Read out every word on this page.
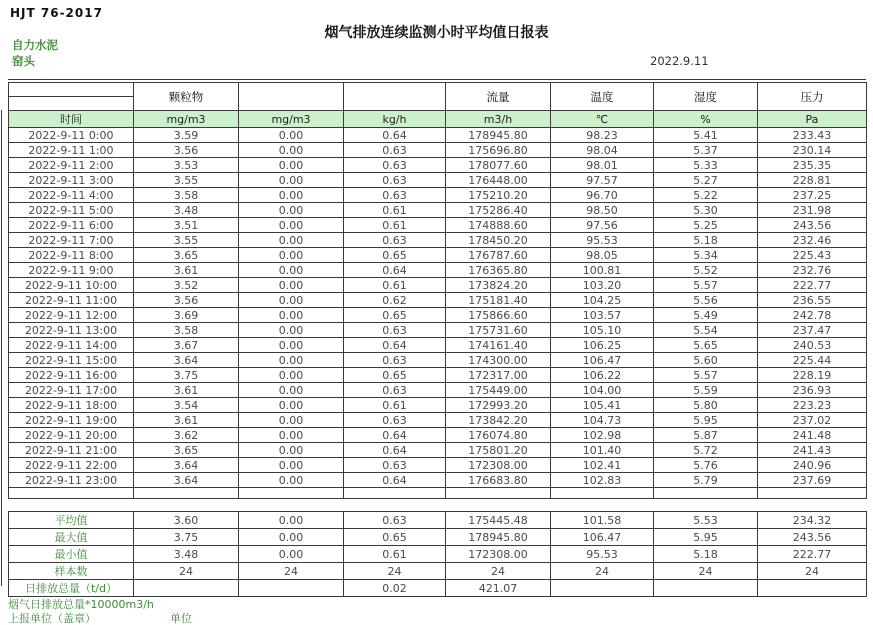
HJT 76-2017
烟气排放连续监测小时平均值日报表
自力水泥
窑头	2022.9.11
	颗粒物			流量	温度	湿度	压力

时间	mg/m3	mg/m3	kg/h	m3/h	℃	%	Pa
2022-9-11 0:00	3.59	0.00	0.64	178945.80	98.23	5.41	233.43
2022-9-11 1:00	3.56	0.00	0.63	175696.80	98.04	5.37	230.14
2022-9-11 2:00	3.53	0.00	0.63	178077.60	98.01	5.33	235.35
2022-9-11 3:00	3.55	0.00	0.63	176448.00	97.57	5.27	228.81
2022-9-11 4:00	3.58	0.00	0.63	175210.20	96.70	5.22	237.25
2022-9-11 5:00	3.48	0.00	0.61	175286.40	98.50	5.30	231.98
2022-9-11 6:00	3.51	0.00	0.61	174888.60	97.56	5.25	243.56
2022-9-11 7:00	3.55	0.00	0.63	178450.20	95.53	5.18	232.46
2022-9-11 8:00	3.65	0.00	0.65	176787.60	98.05	5.34	225.43
2022-9-11 9:00	3.61	0.00	0.64	176365.80	100.81	5.52	232.76
2022-9-11 10:00	3.52	0.00	0.61	173824.20	103.20	5.57	222.77
2022-9-11 11:00	3.56	0.00	0.62	175181.40	104.25	5.56	236.55
2022-9-11 12:00	3.69	0.00	0.65	175866.60	103.57	5.49	242.78
2022-9-11 13:00	3.58	0.00	0.63	175731.60	105.10	5.54	237.47
2022-9-11 14:00	3.67	0.00	0.64	174161.40	106.25	5.65	240.53
2022-9-11 15:00	3.64	0.00	0.63	174300.00	106.47	5.60	225.44
2022-9-11 16:00	3.75	0.00	0.65	172317.00	106.22	5.57	228.19
2022-9-11 17:00	3.61	0.00	0.63	175449.00	104.00	5.59	236.93
2022-9-11 18:00	3.54	0.00	0.61	172993.20	105.41	5.80	223.23
2022-9-11 19:00	3.61	0.00	0.63	173842.20	104.73	5.95	237.02
2022-9-11 20:00	3.62	0.00	0.64	176074.80	102.98	5.87	241.48
2022-9-11 21:00	3.65	0.00	0.64	175801.20	101.40	5.72	241.43
2022-9-11 22:00	3.64	0.00	0.63	172308.00	102.41	5.76	240.96
2022-9-11 23:00	3.64	0.00	0.64	176683.80	102.83	5.79	237.69

平均值	3.60	0.00	0.63	175445.48	101.58	5.53	234.32
最大值	3.75	0.00	0.65	178945.80	106.47	5.95	243.56
最小值	3.48	0.00	0.61	172308.00	95.53	5.18	222.77
样本数	24	24	24	24	24	24	24
日排放总量（t/d）			0.02	421.07			
烟气日排放总量*10000m3/h
上报单位（盖章）	单位
